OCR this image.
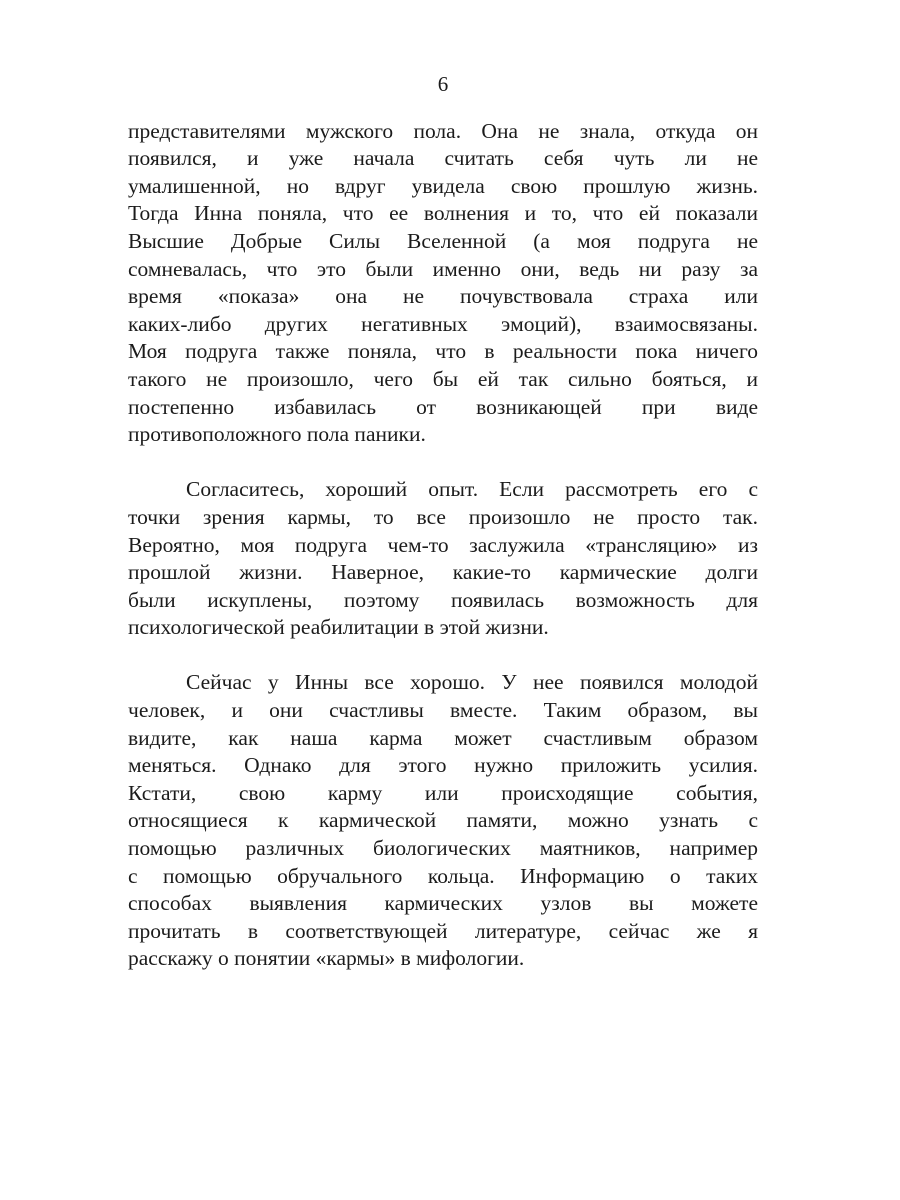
6
представителями мужского пола. Она не знала, откуда он
появился, и уже начала считать себя чуть ли не
умалишенной, но вдруг увидела свою прошлую жизнь.
Тогда Инна поняла, что ее волнения и то, что ей показали
Высшие Добрые Силы Вселенной (а моя подруга не
сомневалась, что это были именно они, ведь ни разу за
время «показа» она не почувствовала страха или
каких-либо других негативных эмоций), взаимосвязаны.
Моя подруга также поняла, что в реальности пока ничего
такого не произошло, чего бы ей так сильно бояться, и
постепенно избавилась от возникающей при виде
противоположного пола паники.
Согласитесь, хороший опыт. Если рассмотреть его с
точки зрения кармы, то все произошло не просто так.
Вероятно, моя подруга чем-то заслужила «трансляцию» из
прошлой жизни. Наверное, какие-то кармические долги
были искуплены, поэтому появилась возможность для
психологической реабилитации в этой жизни.
Сейчас у Инны все хорошо. У нее появился молодой
человек, и они счастливы вместе. Таким образом, вы
видите, как наша карма может счастливым образом
меняться. Однако для этого нужно приложить усилия.
Кстати, свою карму или происходящие события,
относящиеся к кармической памяти, можно узнать с
помощью различных биологических маятников, например
с помощью обручального кольца. Информацию о таких
способах выявления кармических узлов вы можете
прочитать в соответствующей литературе, сейчас же я
расскажу о понятии «кармы» в мифологии.
